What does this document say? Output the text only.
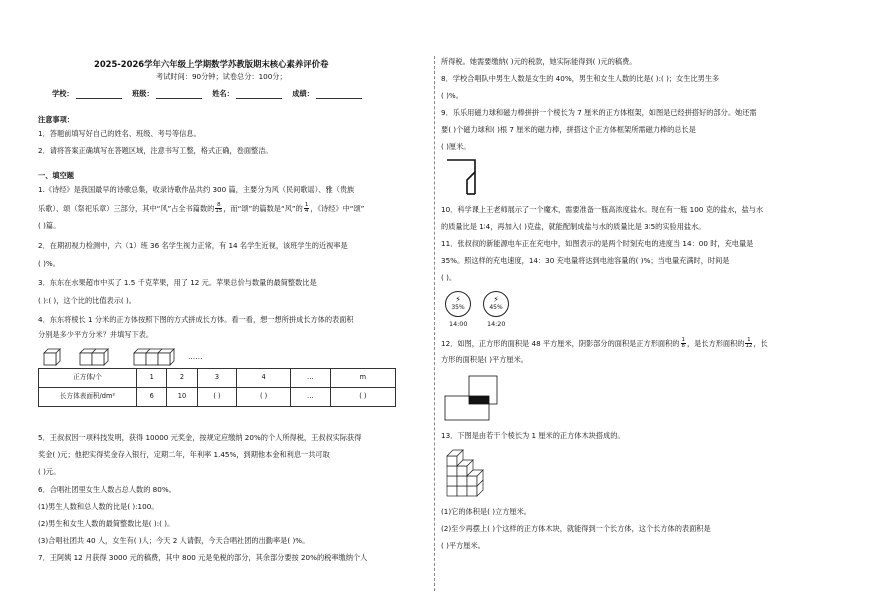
2025-2026学年六年级上学期数学苏教版期末核心素养评价卷
考试时间：90分钟；试卷总分：100分；
学校：	班级：	姓名：	成绩：
注意事项：
1．答题前填写好自己的姓名、班级、考号等信息。
2．请将答案正确填写在答题区域，注意书写工整，格式正确，卷面整洁。
一、填空题
1.《诗经》是我国最早的诗歌总集，收录诗歌作品共约 300 篇，主要分为风（民间歌谣）、雅（贵族
乐歌）、颂（祭祀乐章）三部分，其中“风”占全书篇数的 $\frac{8}{15}$ ，而“颂”的篇数是“风”的 $\frac{1}{4}$ ，《诗经》中“颂”
( )篇。
2．在期初视力检测中，六（1）班 36 名学生视力正常，有 14 名学生近视，该班学生的近视率是
( )%。
3．东东在水果超市中买了 1.5 千克苹果，用了 12 元。苹果总价与数量的最简整数比是
( ):( )，这个比的比值表示( )。
4．东东将棱长 1 分米的正方体按照下图的方式拼成长方体。看一看，想一想所拼成长方体的表面积
分别是多少平方分米？并填写下表。
……
正方体/个	1	2	3	4	…	m
长方体表面积/dm²	6	10	( )	( )	…	( )
5．王叔叔因一项科技发明，获得 10000 元奖金，按规定应缴纳 20%的个人所得税，王叔叔实际获得
奖金( )元；他把实得奖金存入银行，定期二年，年利率 1.45%，到期他本金和利息一共可取
( )元。
6．合唱社团里女生人数占总人数的 80%。
(1)男生人数和总人数的比是( ):100。
(2)男生和女生人数的最简整数比是( ):( )。
(3)合唱社团共 40 人，女生有( )人；今天 2 人请假，今天合唱社团的出勤率是( )%。
7．王阿姨 12 月获得 3000 元的稿费，其中 800 元是免税的部分，其余部分要按 20%的税率缴纳个人
所得税。她需要缴纳( )元的税款，她实际能得到( )元的稿费。
8．学校合唱队中男生人数是女生的 40%，男生和女生人数的比是( ):( )；女生比男生多
( )%。
9．乐乐用磁力球和磁力棒拼拼一个棱长为 7 厘米的正方体框架，如图是已经拼搭好的部分。她还需
要( )个磁力球和( )根 7 厘米的磁力棒，拼搭这个正方体框架所需磁力棒的总长是
( )厘米。
10．科学课上王老师展示了一个魔术，需要准备一瓶高浓度盐水。现在有一瓶 100 克的盐水，盐与水
的质量比是 1∶4，再加入( )克盐，就能配制成盐与水的质量比是 3∶5的实验用盐水。
11．张叔叔的新能源电车正在充电中，如图表示的是两个时刻充电的进度当 14：00 时，充电量是
35%。照这样的充电速度，14：30 充电量将达到电池容量的( )%；当电量充满时，时间是
( )。
⚡
35%
14:00
⚡
45%
14:20
12．如图，正方形的面积是 48 平方厘米，阴影部分的面积是正方形面积的 $\frac{1}{8}$ ，是长方形面积的 $\frac{1}{12}$ ，长
方形的面积是( )平方厘米。
13．下图是由若干个棱长为 1 厘米的正方体木块搭成的。
(1)它的体积是( )立方厘米。
(2)至少再摆上( )个这样的正方体木块，就能得到一个长方体，这个长方体的表面积是
( )平方厘米。
